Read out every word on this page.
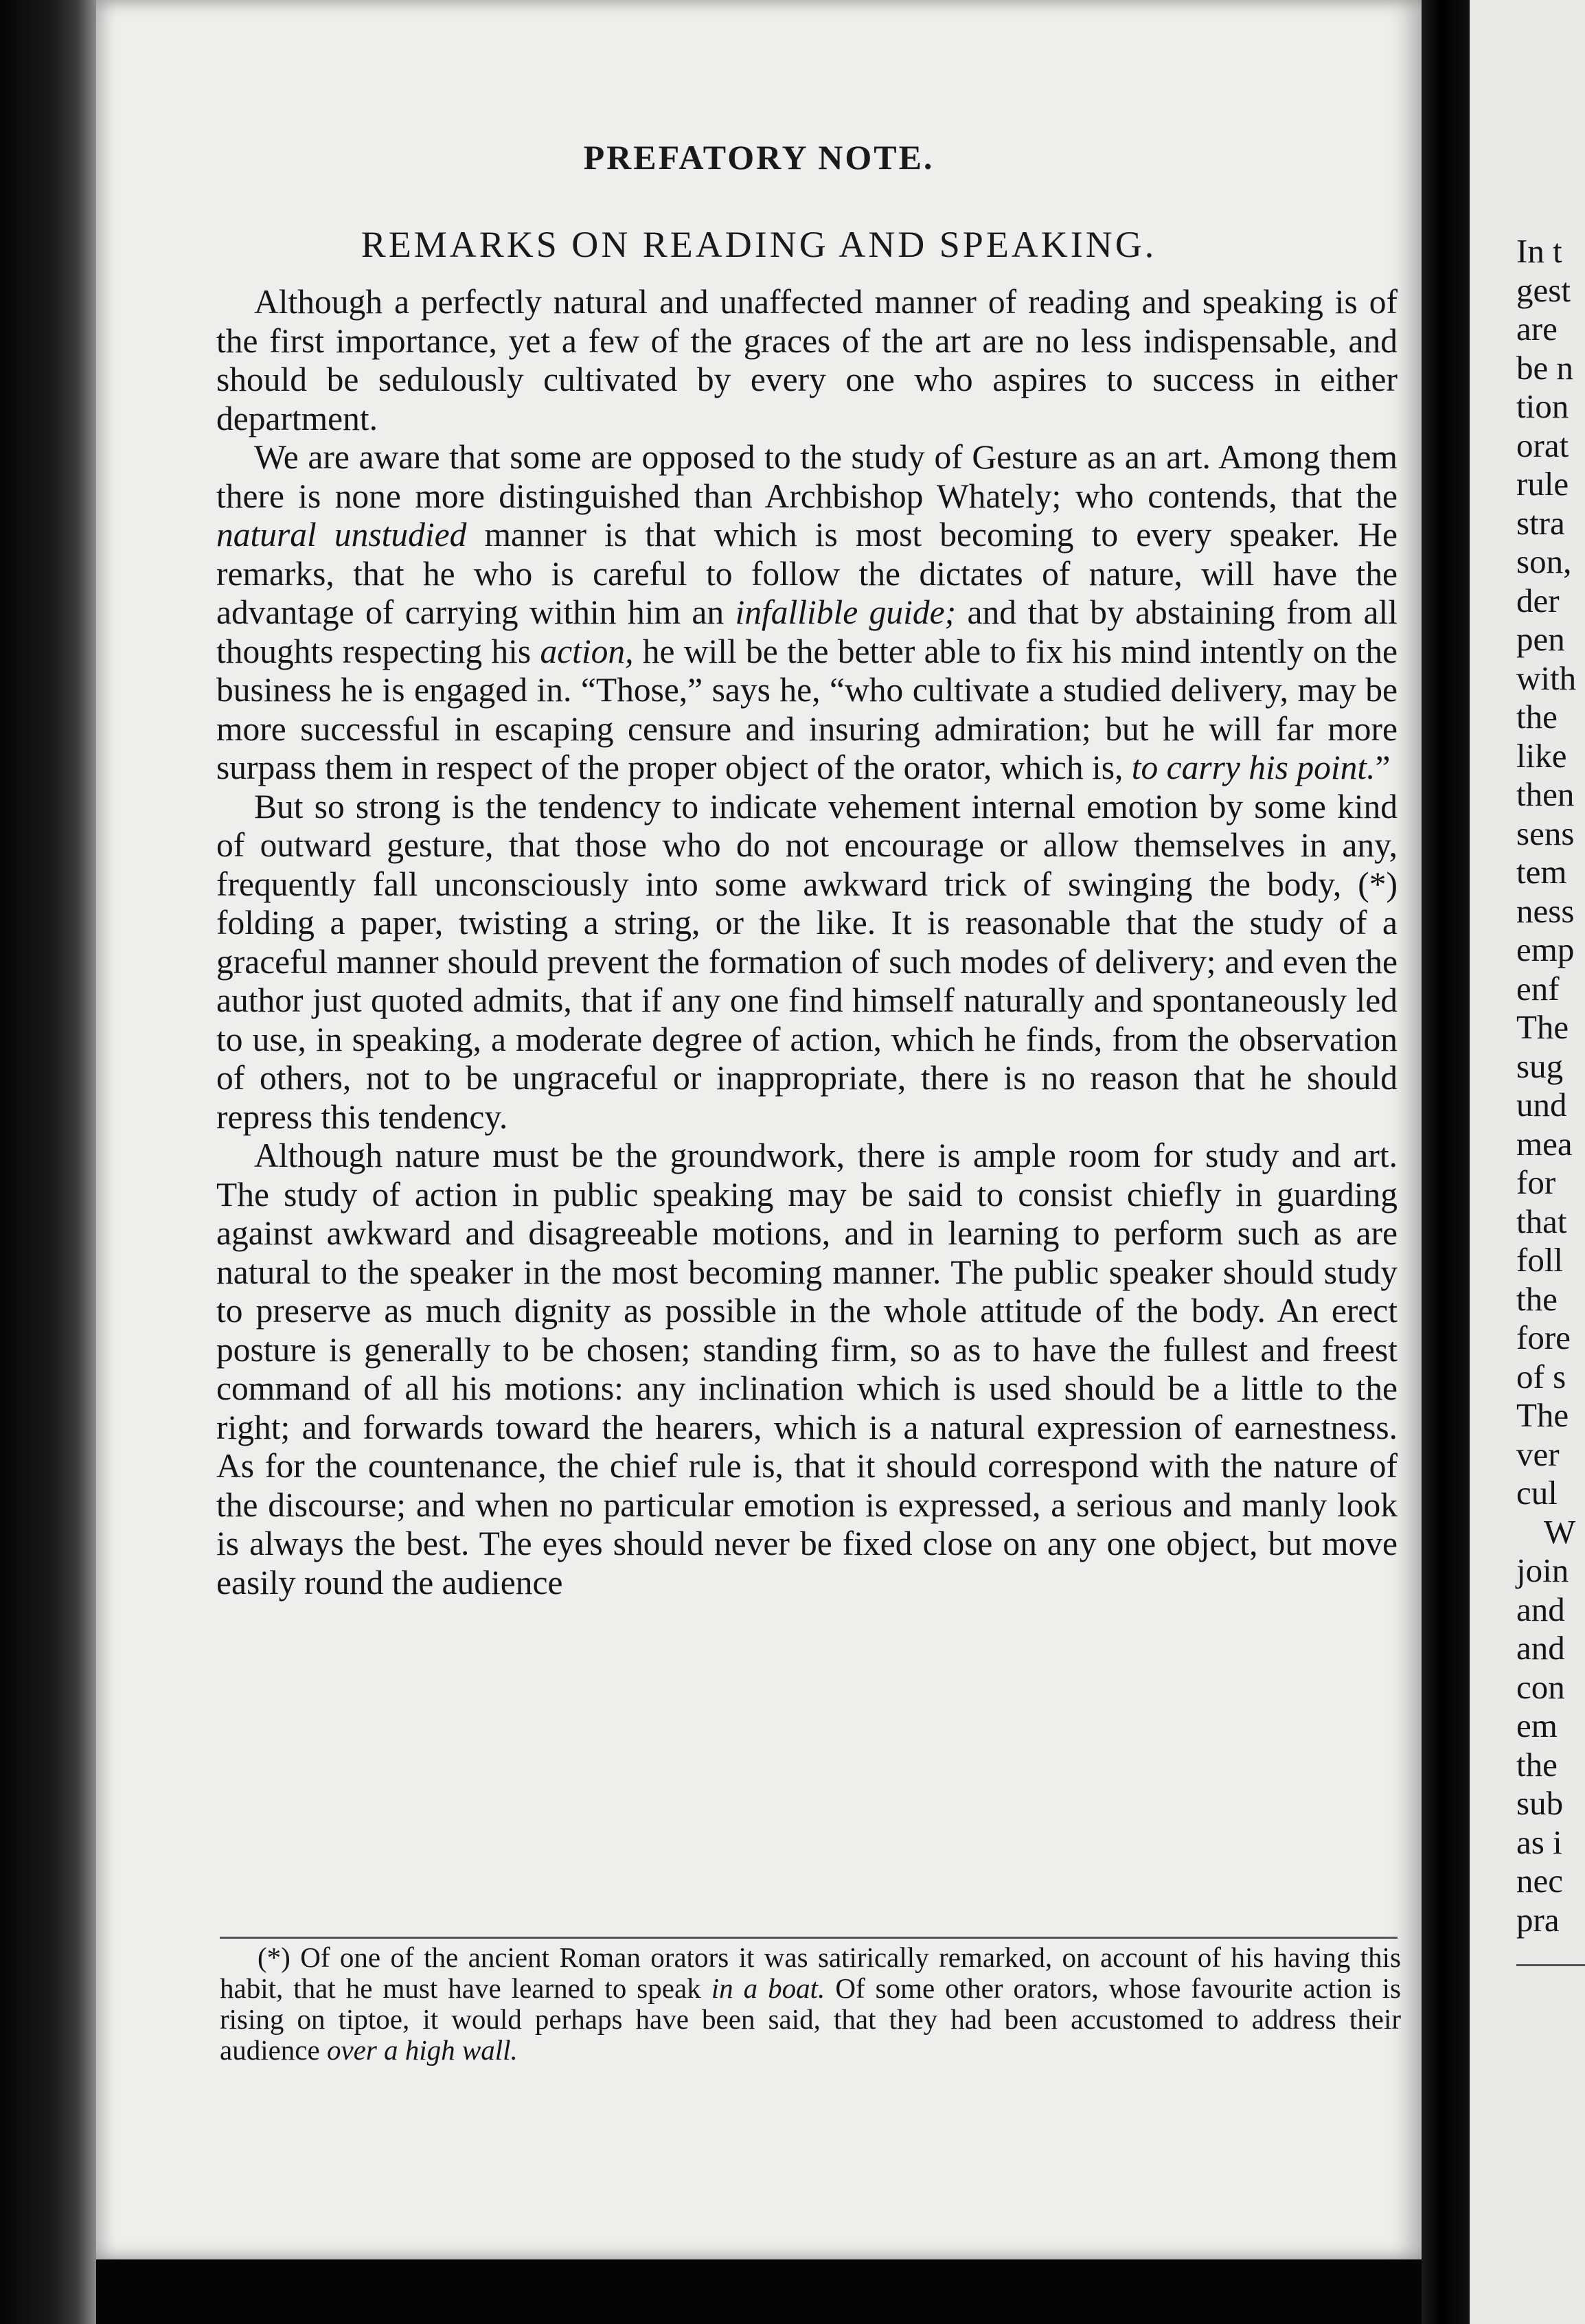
PREFATORY NOTE.
REMARKS ON READING AND SPEAKING.

Although a perfectly natural and unaffected manner of reading and speaking is of the first importance, yet a few of the graces of the art are no less indispensable, and should be sedulously cultivated by every one who aspires to success in either department.

We are aware that some are opposed to the study of Gesture as an art. Among them there is none more distinguished than Archbishop Whately; who contends, that the natural unstudied manner is that which is most becoming to every speaker. He remarks, that he who is careful to follow the dictates of nature, will have the advantage of carrying within him an infallible guide; and that by abstaining from all thoughts respecting his action, he will be the better able to fix his mind intently on the business he is engaged in. “Those,” says he, “who cultivate a studied delivery, may be more successful in escaping censure and insuring admiration; but he will far more surpass them in respect of the proper object of the orator, which is, to carry his point.”

But so strong is the tendency to indicate vehement internal emotion by some kind of outward gesture, that those who do not encourage or allow themselves in any, frequently fall unconsciously into some awkward trick of swinging the body, (*) folding a paper, twisting a string, or the like. It is reasonable that the study of a graceful manner should prevent the formation of such modes of delivery; and even the author just quoted admits, that if any one find himself naturally and spontaneously led to use, in speaking, a moderate degree of action, which he finds, from the observation of others, not to be ungraceful or inappropriate, there is no reason that he should repress this tendency.

Although nature must be the groundwork, there is ample room for study and art. The study of action in public speaking may be said to consist chiefly in guarding against awkward and disagreeable motions, and in learning to perform such as are natural to the speaker in the most becoming manner. The public speaker should study to preserve as much dignity as possible in the whole attitude of the body. An erect posture is generally to be chosen; standing firm, so as to have the fullest and freest command of all his motions: any inclination which is used should be a little to the right; and forwards toward the hearers, which is a natural expression of earnestness. As for the countenance, the chief rule is, that it should correspond with the nature of the discourse; and when no particular emotion is expressed, a serious and manly look is always the best. The eyes should never be fixed close on any one object, but move easily round the audience

(*) Of one of the ancient Roman orators it was satirically remarked, on account of his having this habit, that he must have learned to speak in a boat. Of some other orators, whose favourite action is rising on tiptoe, it would perhaps have been said, that they had been accustomed to address their audience over a high wall.

In t
gest
are
be n
tion
orat
rule
stra
son,
der
pen
with
the
like
then
sens
tem
ness
emp
enf
The
sug
und
mea
for
that
foll
the
fore
of s
The
ver
cul
W
join
and
and
con
em
the
sub
as i
nec
pra
